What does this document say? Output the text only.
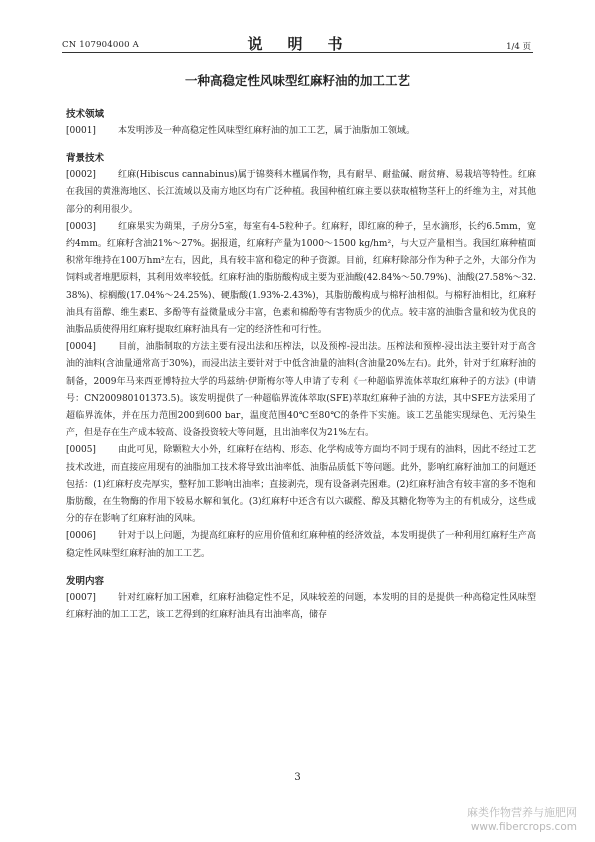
CN 107904000 A	说　明　书	1/4 页
一种高稳定性风味型红麻籽油的加工工艺
技术领域

[0001] 本发明涉及一种高稳定性风味型红麻籽油的加工工艺，属于油脂加工领域。

背景技术

[0002] 红麻(Hibiscus cannabinus)属于锦葵科木槿属作物，具有耐旱、耐盐碱、耐贫瘠、易栽培等特性。红麻在我国的黄淮海地区、长江流域以及南方地区均有广泛种植。我国种植红麻主要以获取植物茎秆上的纤维为主，对其他部分的利用很少。

[0003] 红麻果实为蒴果，子房分5室，每室有4-5粒种子。红麻籽，即红麻的种子，呈水滴形，长约6.5mm，宽约4mm。红麻籽含油21%～27%。据报道，红麻籽产量为1000～1500 kg/hm²，与大豆产量相当。我国红麻种植面积常年维持在100万hm²左右，因此，具有较丰富和稳定的种子资源。目前，红麻籽除部分作为种子之外，大部分作为饲料或者堆肥原料，其利用效率较低。红麻籽油的脂肪酸构成主要为亚油酸(42.84%～50.79%)、油酸(27.58%～32.38%)、棕榈酸(17.04%～24.25%)、硬脂酸(1.93%-2.43%)，其脂肪酸构成与棉籽油相似。与棉籽油相比，红麻籽油具有甾醇、维生素E、多酚等有益微量成分丰富，色素和棉酚等有害物质少的优点。较丰富的油脂含量和较为优良的油脂品质使得用红麻籽提取红麻籽油具有一定的经济性和可行性。

[0004] 目前，油脂制取的方法主要有浸出法和压榨法，以及预榨-浸出法。压榨法和预榨-浸出法主要针对于高含油的油料(含油量通常高于30%)，而浸出法主要针对于中低含油量的油料(含油量20%左右)。此外，针对于红麻籽油的制备，2009年马来西亚博特拉大学的玛兹纳·伊斯梅尔等人申请了专利《一种超临界流体萃取红麻种子的方法》(申请号：CN200980101373.5)。该发明提供了一种超临界流体萃取(SFE)萃取红麻种子油的方法，其中SFE方法采用了超临界流体，并在压力范围200到600 bar，温度范围40℃至80℃的条件下实施。该工艺虽能实现绿色、无污染生产，但是存在生产成本较高、设备投资较大等问题，且出油率仅为21%左右。

[0005] 由此可见，除颗粒大小外，红麻籽在结构、形态、化学构成等方面均不同于现有的油料，因此不经过工艺技术改进，而直接应用现有的油脂加工技术将导致出油率低、油脂品质低下等问题。此外，影响红麻籽油加工的问题还包括：(1)红麻籽皮壳厚实，整籽加工影响出油率；直接剥壳，现有设备剥壳困难。(2)红麻籽油含有较丰富的多不饱和脂肪酸，在生物酶的作用下较易水解和氧化。(3)红麻籽中还含有以六碳醛、醇及其糖化物等为主的有机成分，这些成分的存在影响了红麻籽油的风味。

[0006] 针对于以上问题，为提高红麻籽的应用价值和红麻种植的经济效益，本发明提供了一种利用红麻籽生产高稳定性风味型红麻籽油的加工工艺。

发明内容

[0007] 针对红麻籽加工困难，红麻籽油稳定性不足，风味较差的问题，本发明的目的是提供一种高稳定性风味型红麻籽油的加工工艺，该工艺得到的红麻籽油具有出油率高，储存

3
麻类作物营养与施肥网
www.fibercrops.com
